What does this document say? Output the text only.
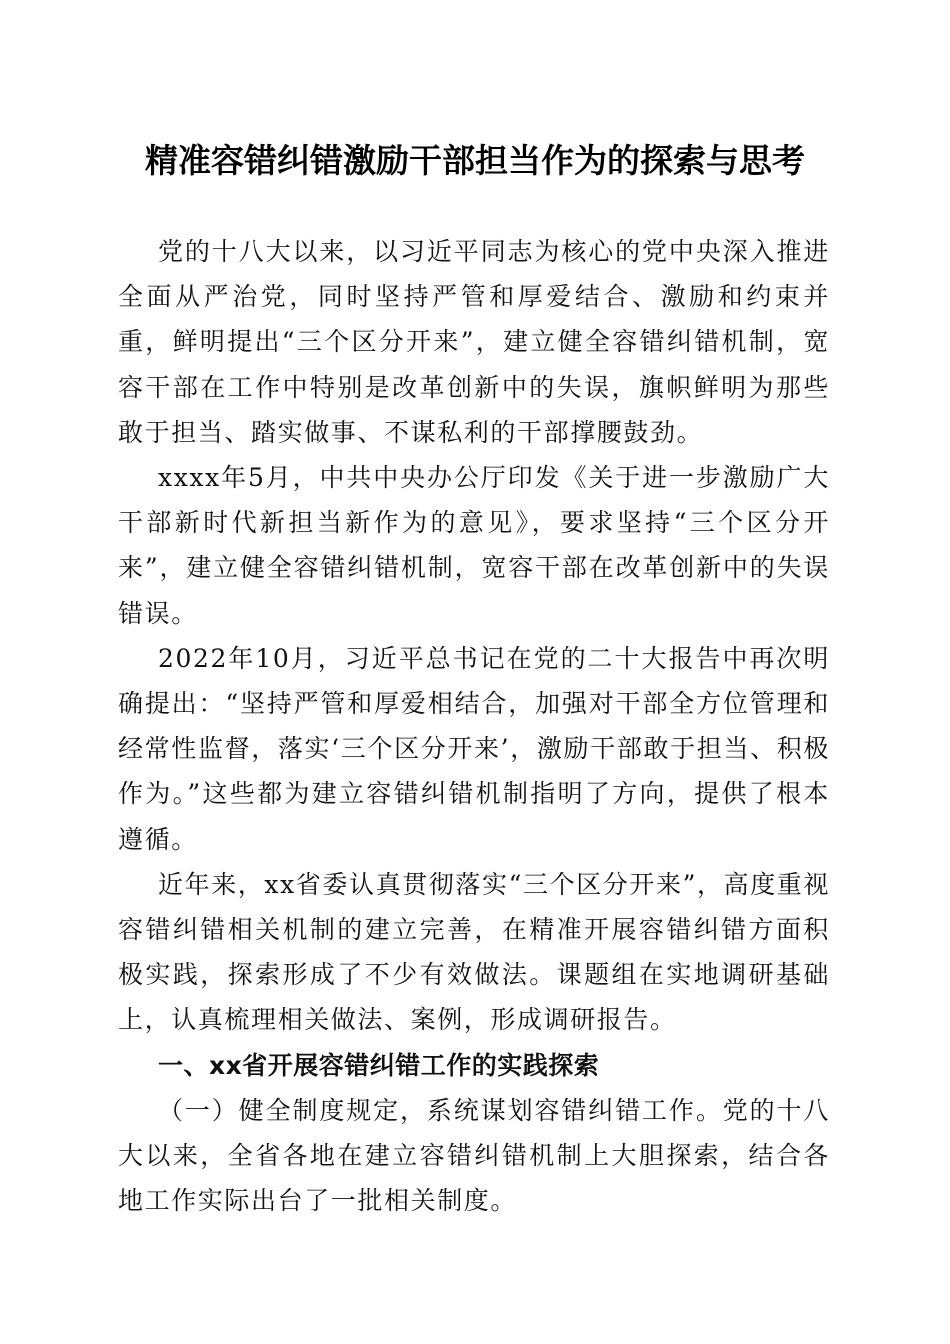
精准容错纠错激励干部担当作为的探索与思考

党的十八大以来，以习近平同志为核心的党中央深入推进全面从严治党，同时坚持严管和厚爱结合、激励和约束并重，鲜明提出“三个区分开来”，建立健全容错纠错机制，宽容干部在工作中特别是改革创新中的失误，旗帜鲜明为那些敢于担当、踏实做事、不谋私利的干部撑腰鼓劲。

xxxx年5月，中共中央办公厅印发《关于进一步激励广大干部新时代新担当新作为的意见》，要求坚持“三个区分开来”，建立健全容错纠错机制，宽容干部在改革创新中的失误错误。

2022年10月，习近平总书记在党的二十大报告中再次明确提出：“坚持严管和厚爱相结合，加强对干部全方位管理和经常性监督，落实‘三个区分开来’，激励干部敢于担当、积极作为。”这些都为建立容错纠错机制指明了方向，提供了根本遵循。

近年来，xx省委认真贯彻落实“三个区分开来”，高度重视容错纠错相关机制的建立完善，在精准开展容错纠错方面积极实践，探索形成了不少有效做法。课题组在实地调研基础上，认真梳理相关做法、案例，形成调研报告。

一、xx省开展容错纠错工作的实践探索

（一）健全制度规定，系统谋划容错纠错工作。党的十八大以来，全省各地在建立容错纠错机制上大胆探索，结合各地工作实际出台了一批相关制度。
